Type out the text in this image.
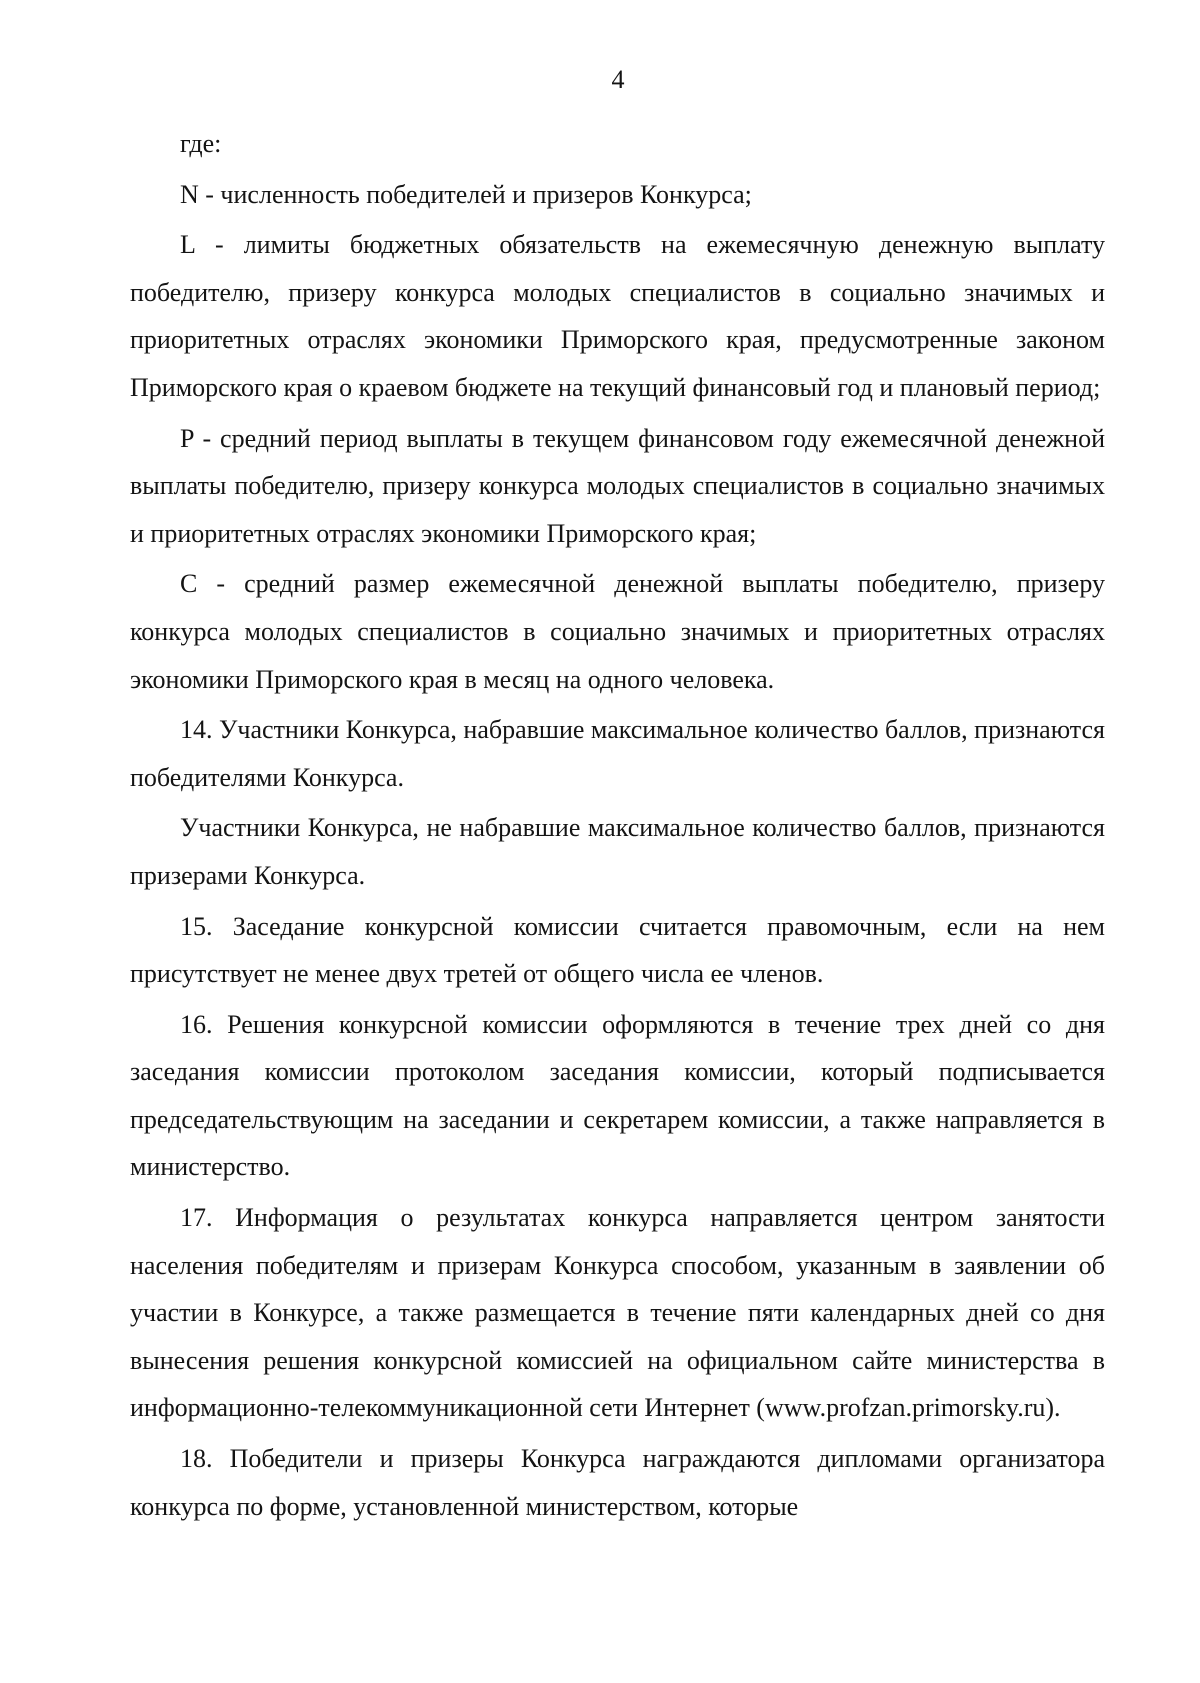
4

где:

N - численность победителей и призеров Конкурса;

L - лимиты бюджетных обязательств на ежемесячную денежную выплату победителю, призеру конкурса молодых специалистов в социально значимых и приоритетных отраслях экономики Приморского края, предусмотренные законом Приморского края о краевом бюджете на текущий финансовый год и плановый период;

P - средний период выплаты в текущем финансовом году ежемесячной денежной выплаты победителю, призеру конкурса молодых специалистов в социально значимых и приоритетных отраслях экономики Приморского края;

C - средний размер ежемесячной денежной выплаты победителю, призеру конкурса молодых специалистов в социально значимых и приоритетных отраслях экономики Приморского края в месяц на одного человека.

14. Участники Конкурса, набравшие максимальное количество баллов, признаются победителями Конкурса.

Участники Конкурса, не набравшие максимальное количество баллов, признаются призерами Конкурса.

15. Заседание конкурсной комиссии считается правомочным, если на нем присутствует не менее двух третей от общего числа ее членов.

16. Решения конкурсной комиссии оформляются в течение трех дней со дня заседания комиссии протоколом заседания комиссии, который подписывается председательствующим на заседании и секретарем комиссии, а также направляется в министерство.

17. Информация о результатах конкурса направляется центром занятости населения победителям и призерам Конкурса способом, указанным в заявлении об участии в Конкурсе, а также размещается в течение пяти календарных дней со дня вынесения решения конкурсной комиссией на официальном сайте министерства в информационно-телекоммуникационной сети Интернет (www.profzan.primorsky.ru).

18. Победители и призеры Конкурса награждаются дипломами организатора конкурса по форме, установленной министерством, которые
